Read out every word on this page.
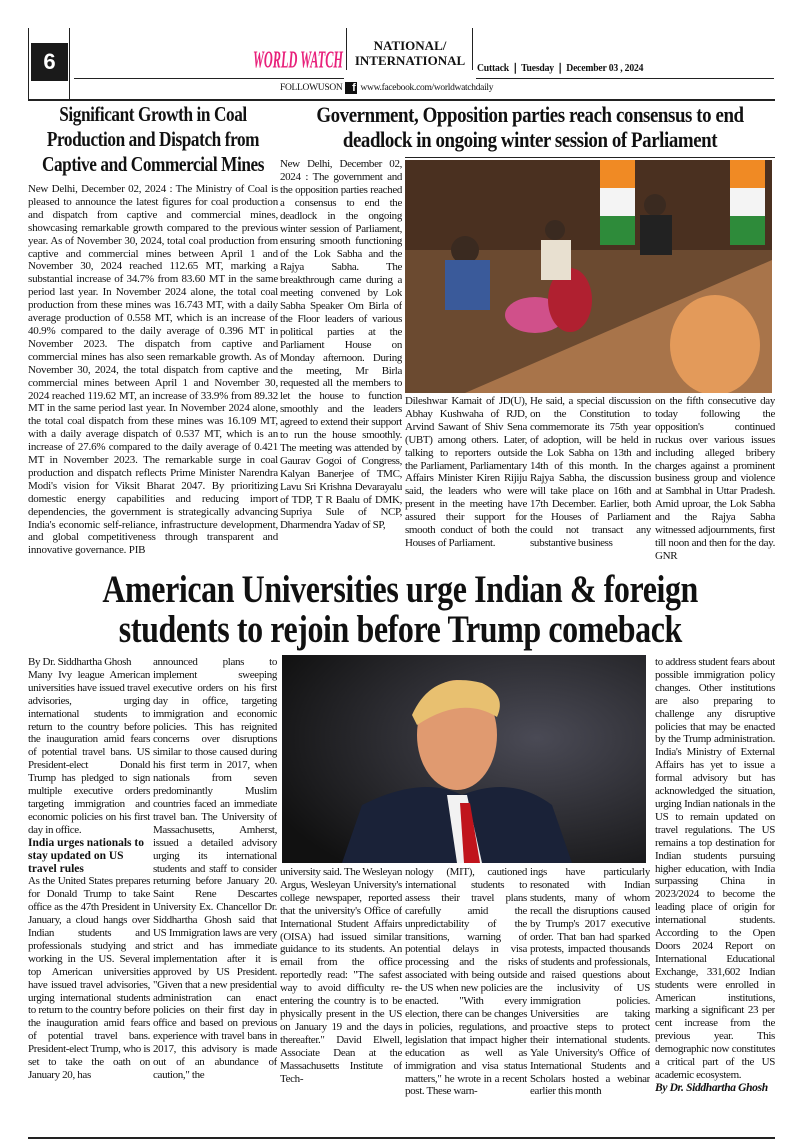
6	WORLD WATCH
NATIONAL/
INTERNATIONAL
Cuttack ❘ Tuesday ❘ December 03 , 2024
FOLLOWUSON f www.facebook.com/worldwatchdaily
Significant Growth in Coal Production and Dispatch from Captive and Commercial Mines
New Delhi, December 02, 2024 : The Ministry of Coal is pleased to announce the latest figures for coal production and dispatch from captive and commercial mines, showcasing remarkable growth compared to the previous year. As of November 30, 2024, total coal production from captive and commercial mines between April 1 and November 30, 2024 reached 112.65 MT, marking a substantial increase of 34.7% from 83.60 MT in the same period last year. In November 2024 alone, the total coal production from these mines was 16.743 MT, with a daily average production of 0.558 MT, which is an increase of 40.9% compared to the daily average of 0.396 MT in November 2023. The dispatch from captive and commercial mines has also seen remarkable growth. As of November 30, 2024, the total dispatch from captive and commercial mines between April 1 and November 30, 2024 reached 119.62 MT, an increase of 33.9% from 89.32 MT in the same period last year. In November 2024 alone, the total coal dispatch from these mines was 16.109 MT, with a daily average dispatch of 0.537 MT, which is an increase of 27.6% compared to the daily average of 0.421 MT in November 2023. The remarkable surge in coal production and dispatch reflects Prime Minister Narendra Modi's vision for Viksit Bharat 2047. By prioritizing domestic energy capabilities and reducing import dependencies, the government is strategically advancing India's economic self-reliance, infrastructure development, and global competitiveness through transparent and innovative governance. PIB
Government, Opposition parties reach consensus to end deadlock in ongoing winter session of Parliament
New Delhi, December 02, 2024 : The government and the opposition parties reached a consensus to end the deadlock in the ongoing winter session of Parliament, ensuring smooth functioning of the Lok Sabha and the Rajya Sabha. The breakthrough came during a meeting convened by Lok Sabha Speaker Om Birla of the Floor leaders of various political parties at the Parliament House on Monday afternoon. During the meeting, Mr Birla requested all the members to let the house to function smoothly and the leaders agreed to extend their support to run the house smoothly. The meeting was attended by Gaurav Gogoi of Congress, Kalyan Banerjee of TMC, Lavu Sri Krishna Devarayalu of TDP, T R Baalu of DMK, Supriya Sule of NCP, Dharmendra Yadav of SP,
Dileshwar Kamait of JD(U), Abhay Kushwaha of RJD, Arvind Sawant of Shiv Sena (UBT) among others. Later, talking to reporters outside the Parliament, Parliamentary Affairs Minister Kiren Rijiju said, the leaders who were present in the meeting have assured their support for smooth conduct of both the Houses of Parliament.
He said, a special discussion on the Constitution to commemorate its 75th year of adoption, will be held in the Lok Sabha on 13th and 14th of this month. In the Rajya Sabha, the discussion will take place on 16th and 17th December. Earlier, both the Houses of Parliament could not transact any substantive business
on the fifth consecutive day today following the opposition's continued ruckus over various issues including alleged bribery charges against a prominent business group and violence at Sambhal in Uttar Pradesh. Amid uproar, the Lok Sabha and the Rajya Sabha witnessed adjournments, first till noon and then for the day. GNR
American Universities urge Indian & foreign
students to rejoin before Trump comeback
By Dr. Siddhartha Ghosh
Many Ivy league American universities have issued travel advisories, urging international students to return to the country before the inauguration amid fears of potential travel bans. US President-elect Donald Trump has pledged to sign multiple executive orders targeting immigration and economic policies on his first day in office.
India urges nationals to stay updated on US travel rules
As the United States prepares for Donald Trump to take office as the 47th President in January, a cloud hangs over Indian students and professionals studying and working in the US. Several top American universities have issued travel advisories, urging international students to return to the country before the inauguration amid fears of potential travel bans. President-elect Trump, who is set to take the oath on January 20, has
announced plans to implement sweeping executive orders on his first day in office, targeting immigration and economic policies. This has reignited concerns over disruptions similar to those caused during his first term in 2017, when nationals from seven predominantly Muslim countries faced an immediate travel ban. The University of Massachusetts, Amherst, issued a detailed advisory urging its international students and staff to consider returning before January 20. Saint Rene Descartes University Ex. Chancellor Dr. Siddhartha Ghosh said that US Immigration laws are very strict and has immediate implementation after it is approved by US President. "Given that a new presidential administration can enact policies on their first day in office and based on previous experience with travel bans in 2017, this advisory is made out of an abundance of caution," the
university said. The Wesleyan Argus, Wesleyan University's college newspaper, reported that the university's Office of International Student Affairs (OISA) had issued similar guidance to its students. An email from the office reportedly read: "The safest way to avoid difficulty re-entering the country is to be physically present in the US on January 19 and the days thereafter." David Elwell, Associate Dean at the Massachusetts Institute of Tech-
nology (MIT), cautioned international students to assess their travel plans carefully amid the unpredictability of the transitions, warning of potential delays in visa processing and the risks associated with being outside the US when new policies are enacted. "With every election, there can be changes in policies, regulations, and legislation that impact higher education as well as immigration and visa status matters," he wrote in a recent post. These warn-
ings have particularly resonated with Indian students, many of whom recall the disruptions caused by Trump's 2017 executive order. That ban had sparked protests, impacted thousands of students and professionals, and raised questions about the inclusivity of US immigration policies. Universities are taking proactive steps to protect their international students. Yale University's Office of International Students and Scholars hosted a webinar earlier this month
to address student fears about possible immigration policy changes. Other institutions are also preparing to challenge any disruptive policies that may be enacted by the Trump administration. India's Ministry of External Affairs has yet to issue a formal advisory but has acknowledged the situation, urging Indian nationals in the US to remain updated on travel regulations. The US remains a top destination for Indian students pursuing higher education, with India surpassing China in 2023/2024 to become the leading place of origin for international students. According to the Open Doors 2024 Report on International Educational Exchange, 331,602 Indian students were enrolled in American institutions, marking a significant 23 per cent increase from the previous year. This demographic now constitutes a critical part of the US academic ecosystem.
By Dr. Siddhartha Ghosh
